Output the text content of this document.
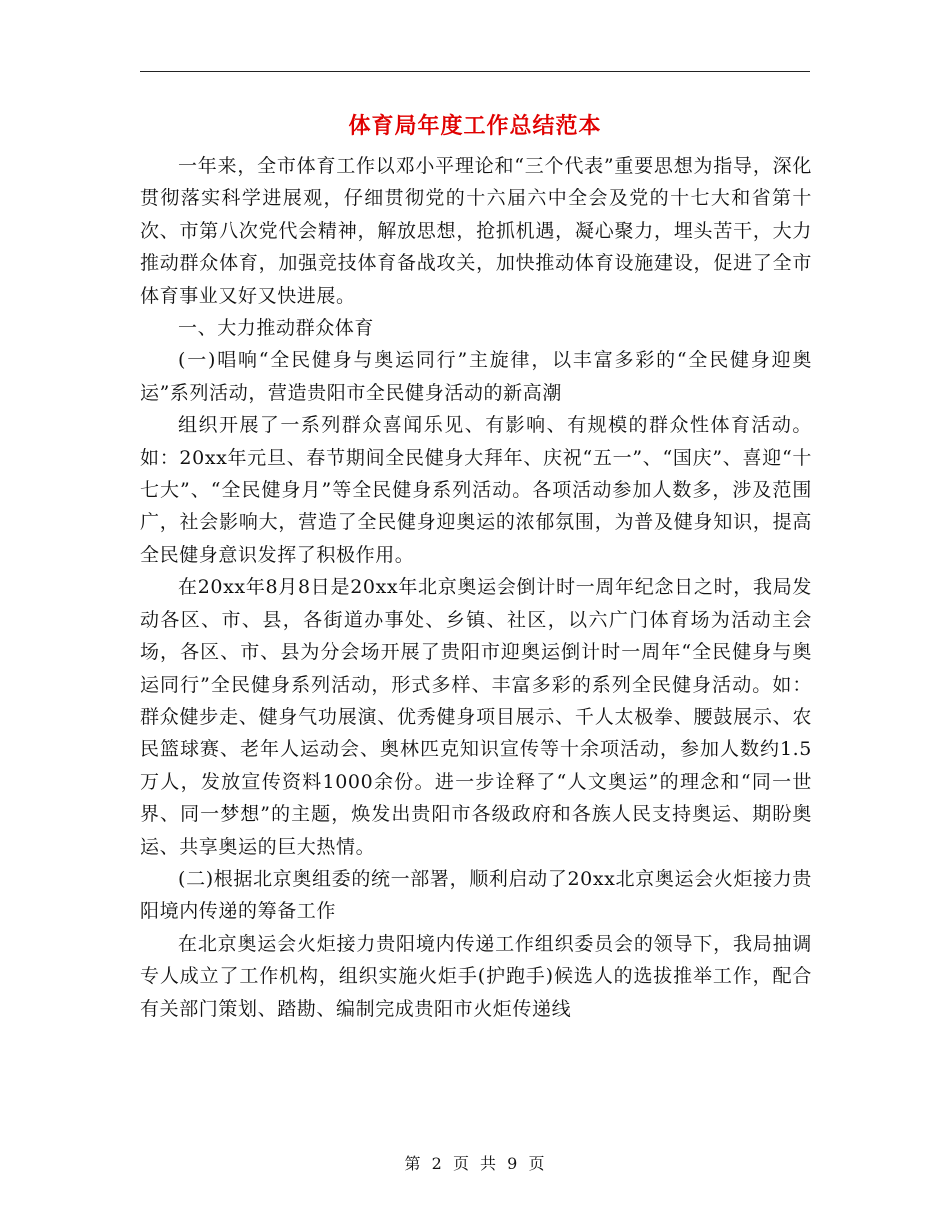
体育局年度工作总结范本

一年来，全市体育工作以邓小平理论和“三个代表”重要思想为指导，深化贯彻落实科学进展观，仔细贯彻党的十六届六中全会及党的十七大和省第十次、市第八次党代会精神，解放思想，抢抓机遇，凝心聚力，埋头苦干，大力推动群众体育，加强竞技体育备战攻关，加快推动体育设施建设，促进了全市体育事业又好又快进展。

一、大力推动群众体育

(一)唱响“全民健身与奥运同行”主旋律，以丰富多彩的“全民健身迎奥运”系列活动，营造贵阳市全民健身活动的新高潮

组织开展了一系列群众喜闻乐见、有影响、有规模的群众性体育活动。如：20xx年元旦、春节期间全民健身大拜年、庆祝“五一”、“国庆”、喜迎“十七大”、“全民健身月”等全民健身系列活动。各项活动参加人数多，涉及范围广，社会影响大，营造了全民健身迎奥运的浓郁氛围，为普及健身知识，提高全民健身意识发挥了积极作用。

在20xx年8月8日是20xx年北京奥运会倒计时一周年纪念日之时，我局发动各区、市、县，各街道办事处、乡镇、社区，以六广门体育场为活动主会场，各区、市、县为分会场开展了贵阳市迎奥运倒计时一周年“全民健身与奥运同行”全民健身系列活动，形式多样、丰富多彩的系列全民健身活动。如：群众健步走、健身气功展演、优秀健身项目展示、千人太极拳、腰鼓展示、农民篮球赛、老年人运动会、奥林匹克知识宣传等十余项活动，参加人数约1.5万人，发放宣传资料1000余份。进一步诠释了“人文奥运”的理念和“同一世界、同一梦想”的主题，焕发出贵阳市各级政府和各族人民支持奥运、期盼奥运、共享奥运的巨大热情。

(二)根据北京奥组委的统一部署，顺利启动了20xx北京奥运会火炬接力贵阳境内传递的筹备工作

在北京奥运会火炬接力贵阳境内传递工作组织委员会的领导下，我局抽调专人成立了工作机构，组织实施火炬手(护跑手)候选人的选拔推举工作，配合有关部门策划、踏勘、编制完成贵阳市火炬传递线

第 2 页 共 9 页
